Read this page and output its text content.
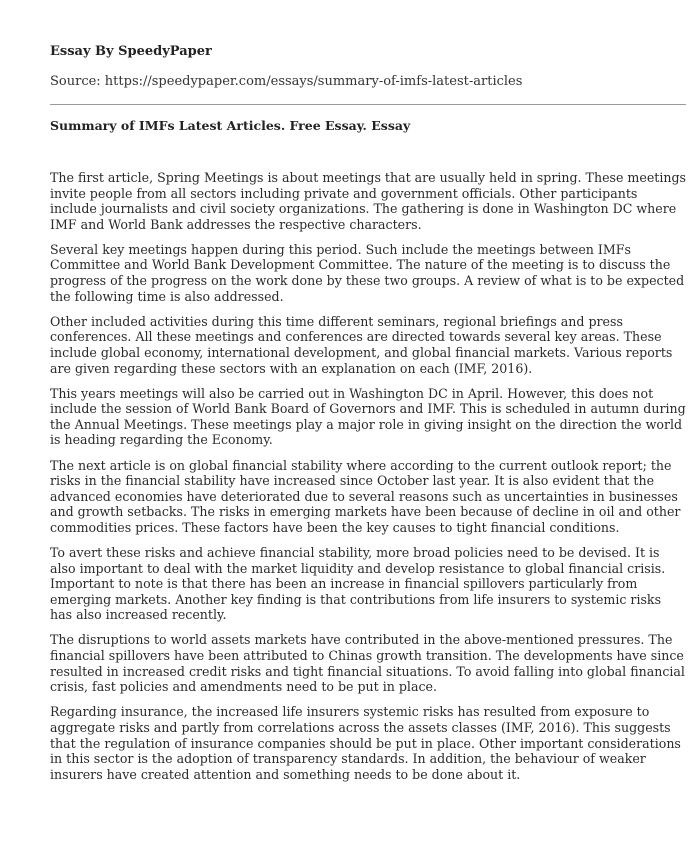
Essay By SpeedyPaper

Source: https://speedypaper.com/essays/summary-of-imfs-latest-articles

Summary of IMFs Latest Articles. Free Essay. Essay

The first article, Spring Meetings is about meetings that are usually held in spring. These meetings invite people from all sectors including private and government officials. Other participants include journalists and civil society organizations. The gathering is done in Washington DC where IMF and World Bank addresses the respective characters.

Several key meetings happen during this period. Such include the meetings between IMFs Committee and World Bank Development Committee. The nature of the meeting is to discuss the progress of the progress on the work done by these two groups. A review of what is to be expected the following time is also addressed.

Other included activities during this time different seminars, regional briefings and press conferences. All these meetings and conferences are directed towards several key areas. These include global economy, international development, and global financial markets. Various reports are given regarding these sectors with an explanation on each (IMF, 2016).

This years meetings will also be carried out in Washington DC in April. However, this does not include the session of World Bank Board of Governors and IMF. This is scheduled in autumn during the Annual Meetings. These meetings play a major role in giving insight on the direction the world is heading regarding the Economy.

The next article is on global financial stability where according to the current outlook report; the risks in the financial stability have increased since October last year. It is also evident that the advanced economies have deteriorated due to several reasons such as uncertainties in businesses and growth setbacks. The risks in emerging markets have been because of decline in oil and other commodities prices. These factors have been the key causes to tight financial conditions.

To avert these risks and achieve financial stability, more broad policies need to be devised. It is also important to deal with the market liquidity and develop resistance to global financial crisis. Important to note is that there has been an increase in financial spillovers particularly from emerging markets. Another key finding is that contributions from life insurers to systemic risks has also increased recently.

The disruptions to world assets markets have contributed in the above-mentioned pressures. The financial spillovers have been attributed to Chinas growth transition. The developments have since resulted in increased credit risks and tight financial situations. To avoid falling into global financial crisis, fast policies and amendments need to be put in place.

Regarding insurance, the increased life insurers systemic risks has resulted from exposure to aggregate risks and partly from correlations across the assets classes (IMF, 2016). This suggests that the regulation of insurance companies should be put in place. Other important considerations in this sector is the adoption of transparency standards. In addition, the behaviour of weaker insurers have created attention and something needs to be done about it.
